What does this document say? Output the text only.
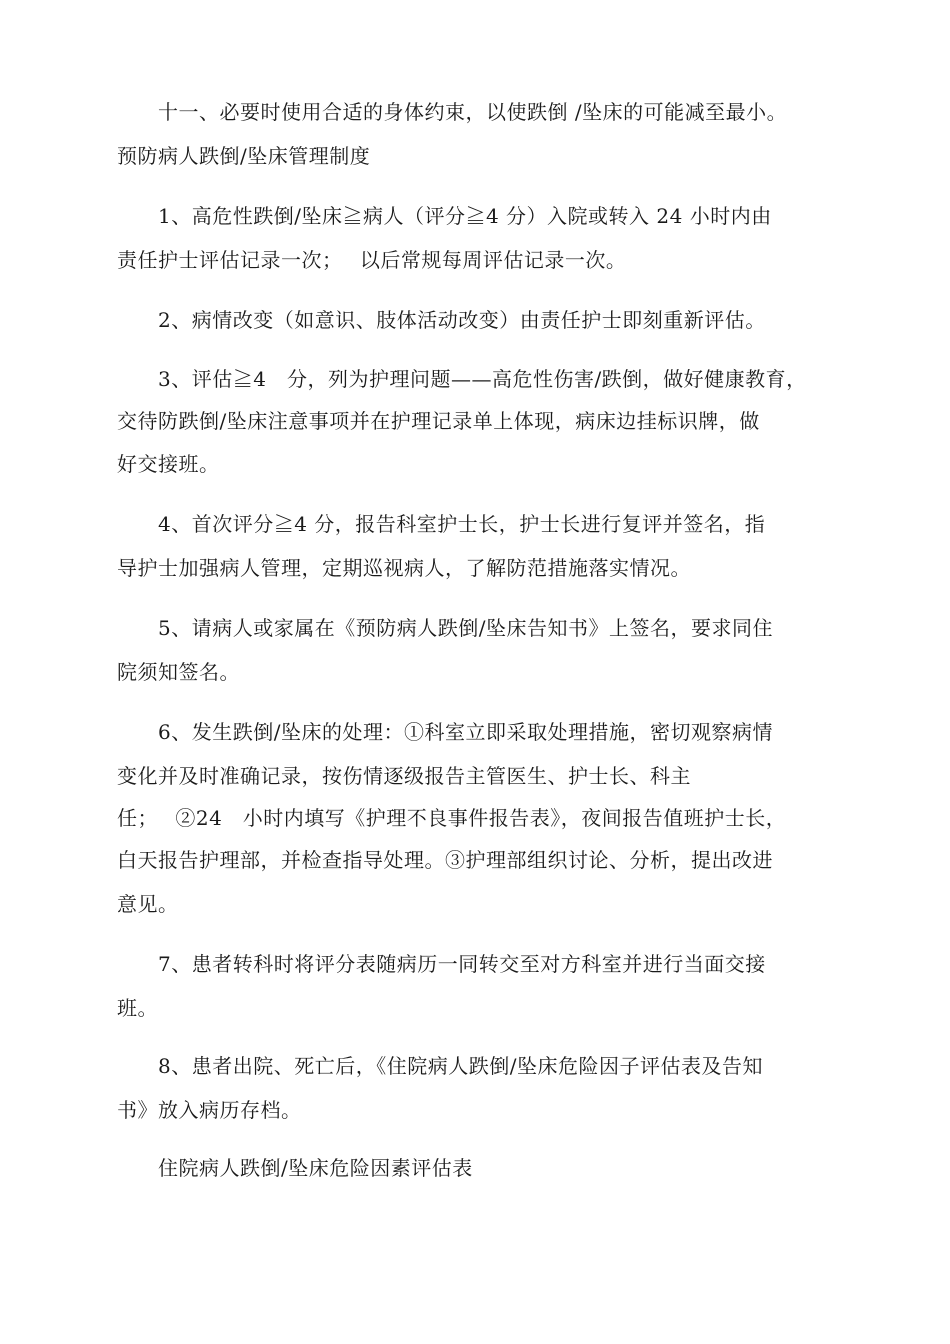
十一、必要时使用合适的身体约束，以使跌倒 /坠床的可能减至最小。
预防病人跌倒/坠床管理制度
1、高危性跌倒/坠床≧病人（评分≧4 分）入院或转入 24 小时内由
责任护士评估记录一次；　 以后常规每周评估记录一次。
2、病情改变（如意识、肢体活动改变）由责任护士即刻重新评估。
3、评估≧4　分，列为护理问题——高危性伤害/跌倒，做好健康教育，
交待防跌倒/坠床注意事项并在护理记录单上体现，病床边挂标识牌，做
好交接班。
4、首次评分≧4 分，报告科室护士长，护士长进行复评并签名，指
导护士加强病人管理，定期巡视病人，了解防范措施落实情况。
5、请病人或家属在《预防病人跌倒/坠床告知书》上签名，要求同住
院须知签名。
6、发生跌倒/坠床的处理：①科室立即采取处理措施，密切观察病情
变化并及时准确记录，按伤情逐级报告主管医生、护士长、科主
任；　 ②24　小时内填写《护理不良事件报告表》，夜间报告值班护士长，
白天报告护理部，并检查指导处理。③护理部组织讨论、分析，提出改进
意见。
7、患者转科时将评分表随病历一同转交至对方科室并进行当面交接
班。
8、患者出院、死亡后，《住院病人跌倒/坠床危险因子评估表及告知
书》放入病历存档。
住院病人跌倒/坠床危险因素评估表
